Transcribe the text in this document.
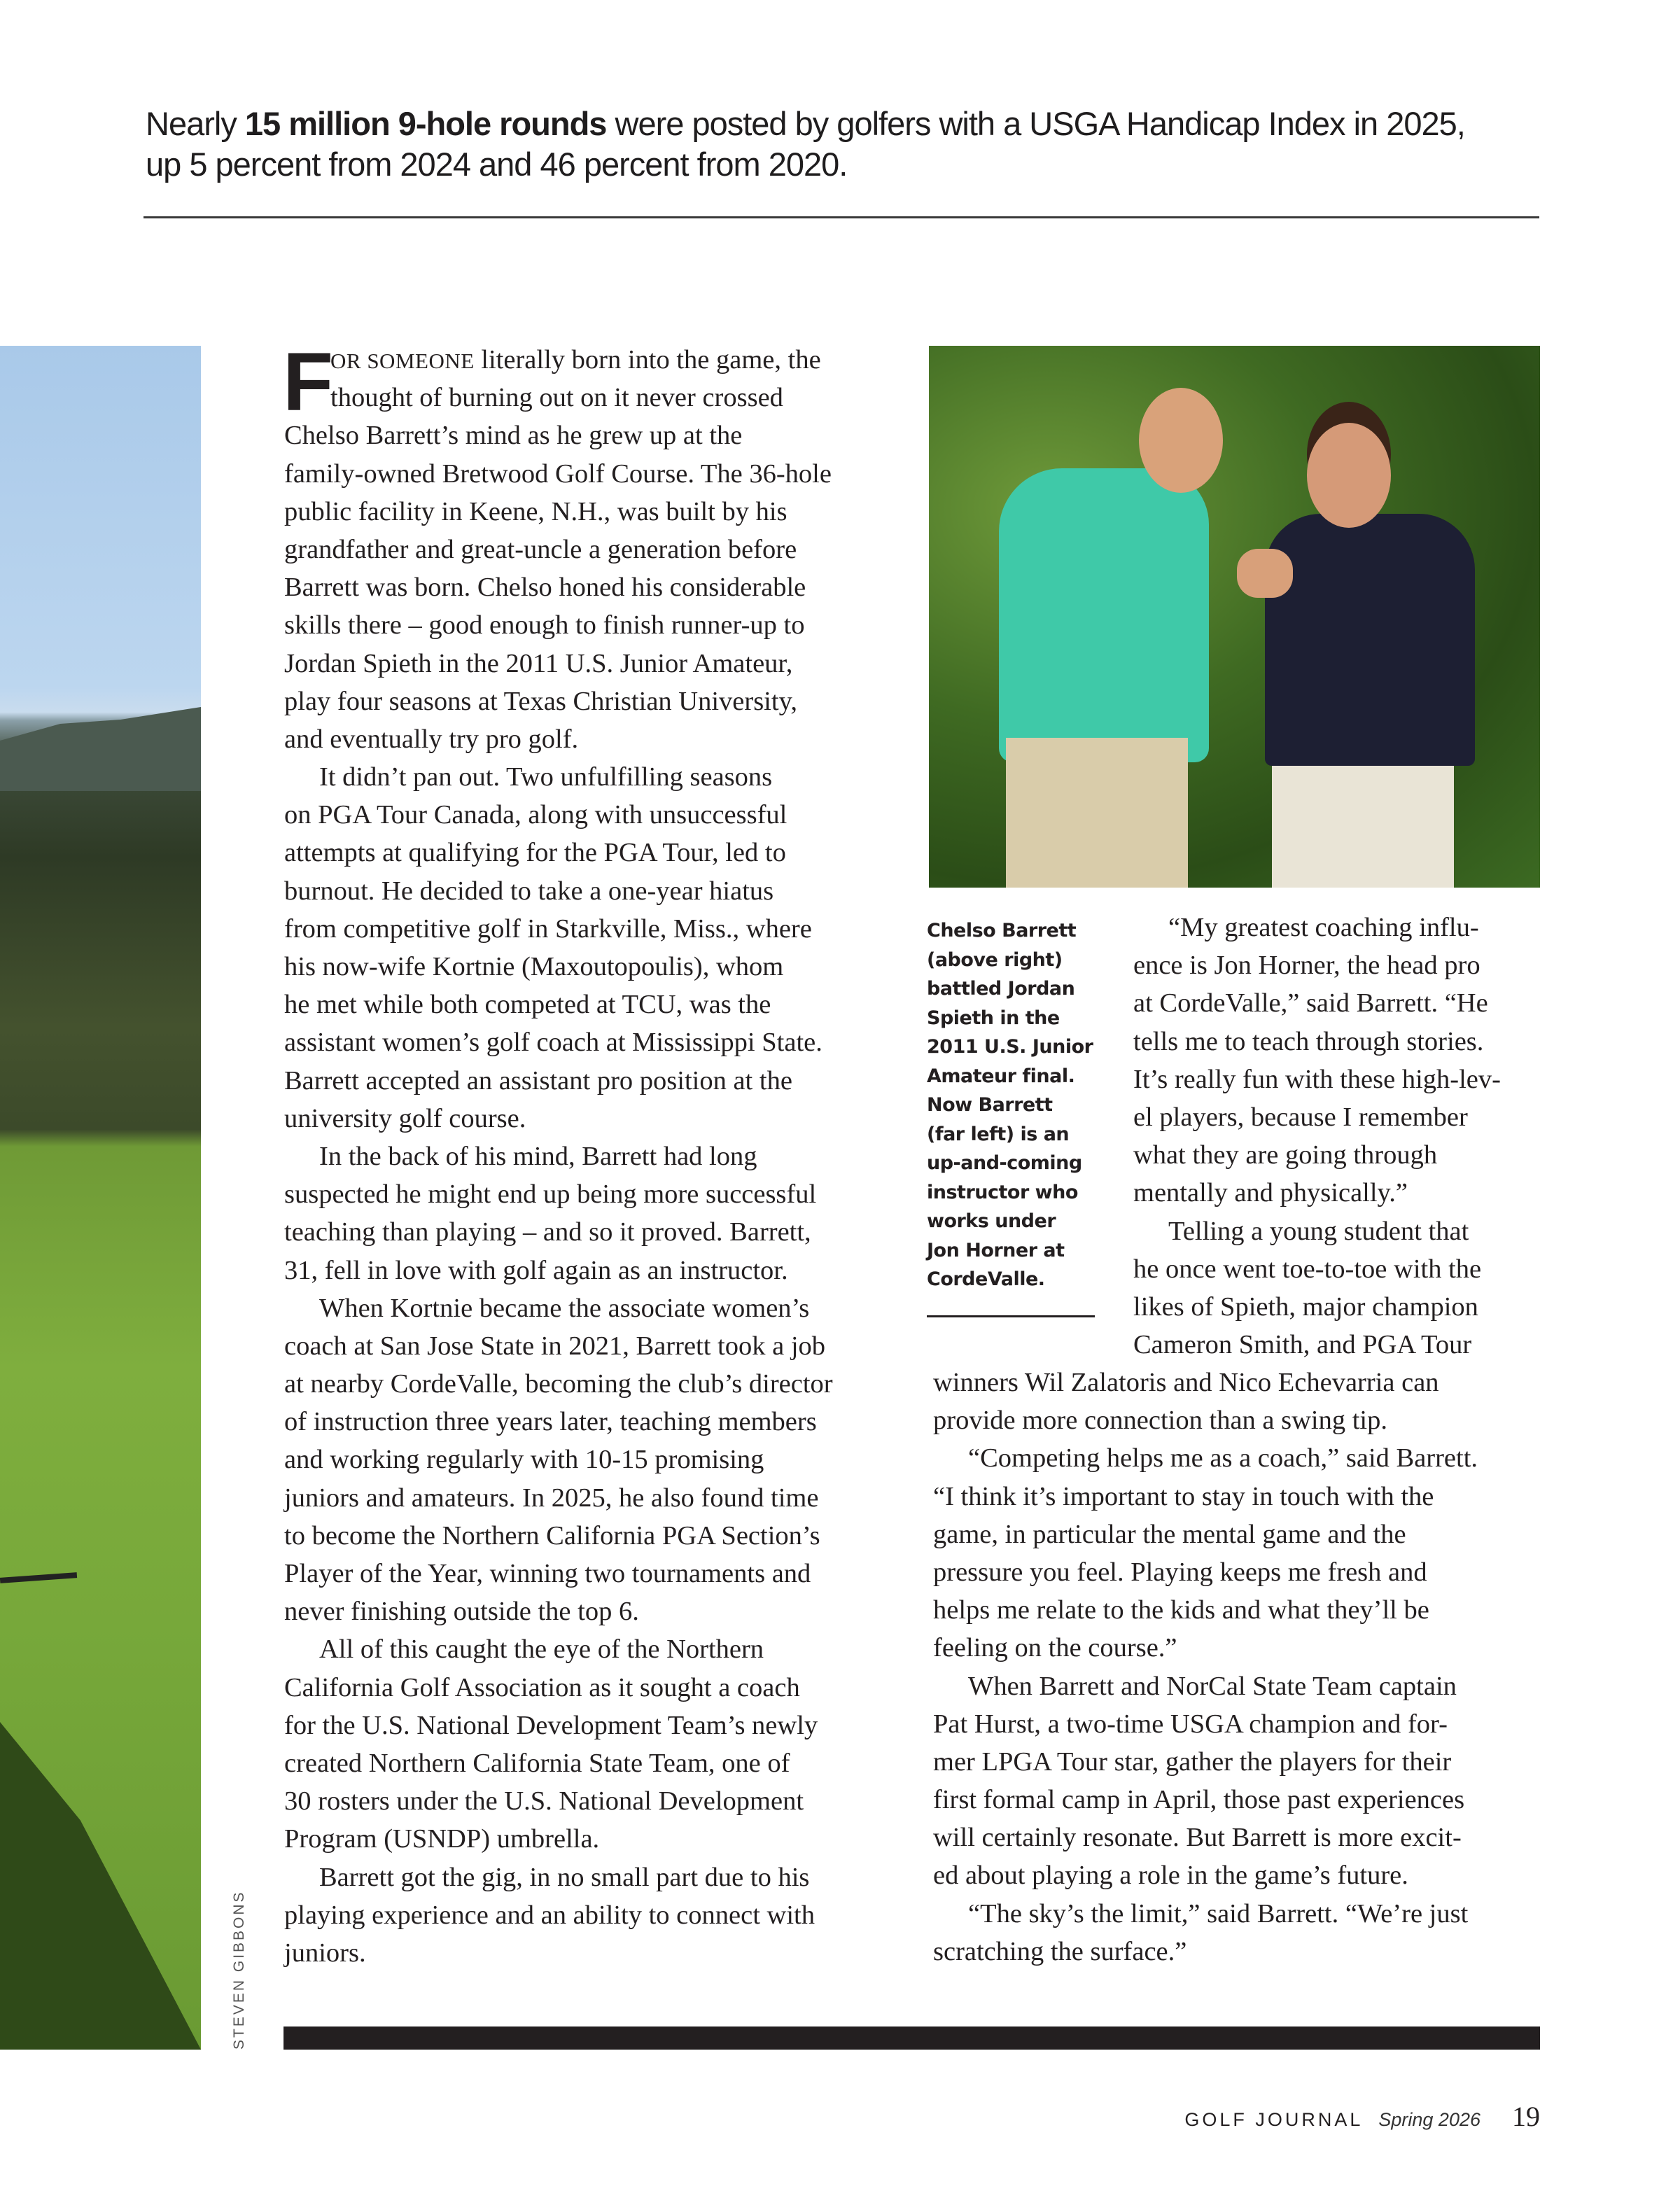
Nearly 15 million 9-hole rounds were posted by golfers with a USGA Handicap Index in 2025,
up 5 percent from 2024 and 46 percent from 2020.
STEVEN GIBBONS
F
OR SOMEONE literally born into the game, the
thought of burning out on it never crossed
Chelso Barrett’s mind as he grew up at the
family-owned Bretwood Golf Course. The 36-hole
public facility in Keene, N.H., was built by his
grandfather and great-uncle a generation before
Barrett was born. Chelso honed his considerable
skills there – good enough to finish runner-up to
Jordan Spieth in the 2011 U.S. Junior Amateur,
play four seasons at Texas Christian University,
and eventually try pro golf.
It didn’t pan out. Two unfulfilling seasons
on PGA Tour Canada, along with unsuccessful
attempts at qualifying for the PGA Tour, led to
burnout. He decided to take a one-year hiatus
from competitive golf in Starkville, Miss., where
his now-wife Kortnie (Maxoutopoulis), whom
he met while both competed at TCU, was the
assistant women’s golf coach at Mississippi State.
Barrett accepted an assistant pro position at the
university golf course.
In the back of his mind, Barrett had long
suspected he might end up being more successful
teaching than playing – and so it proved. Barrett,
31, fell in love with golf again as an instructor.
When Kortnie became the associate women’s
coach at San Jose State in 2021, Barrett took a job
at nearby CordeValle, becoming the club’s director
of instruction three years later, teaching members
and working regularly with 10-15 promising
juniors and amateurs. In 2025, he also found time
to become the Northern California PGA Section’s
Player of the Year, winning two tournaments and
never finishing outside the top 6.
All of this caught the eye of the Northern
California Golf Association as it sought a coach
for the U.S. National Development Team’s newly
created Northern California State Team, one of
30 rosters under the U.S. National Development
Program (USNDP) umbrella.
Barrett got the gig, in no small part due to his
playing experience and an ability to connect with
juniors.
Chelso Barrett
(above right)
battled Jordan
Spieth in the
2011 U.S. Junior
Amateur final.
Now Barrett
(far left) is an
up-and-coming
instructor who
works under
Jon Horner at
CordeValle.
“My greatest coaching influ-
ence is Jon Horner, the head pro
at CordeValle,” said Barrett. “He
tells me to teach through stories.
It’s really fun with these high-lev-
el players, because I remember
what they are going through
mentally and physically.”
Telling a young student that
he once went toe-to-toe with the
likes of Spieth, major champion
Cameron Smith, and PGA Tour
winners Wil Zalatoris and Nico Echevarria can
provide more connection than a swing tip.
“Competing helps me as a coach,” said Barrett.
“I think it’s important to stay in touch with the
game, in particular the mental game and the
pressure you feel. Playing keeps me fresh and
helps me relate to the kids and what they’ll be
feeling on the course.”
When Barrett and NorCal State Team captain
Pat Hurst, a two-time USGA champion and for-
mer LPGA Tour star, gather the players for their
first formal camp in April, those past experiences
will certainly resonate. But Barrett is more excit-
ed about playing a role in the game’s future.
“The sky’s the limit,” said Barrett. “We’re just
scratching the surface.”
GOLF JOURNAL Spring 2026 19
